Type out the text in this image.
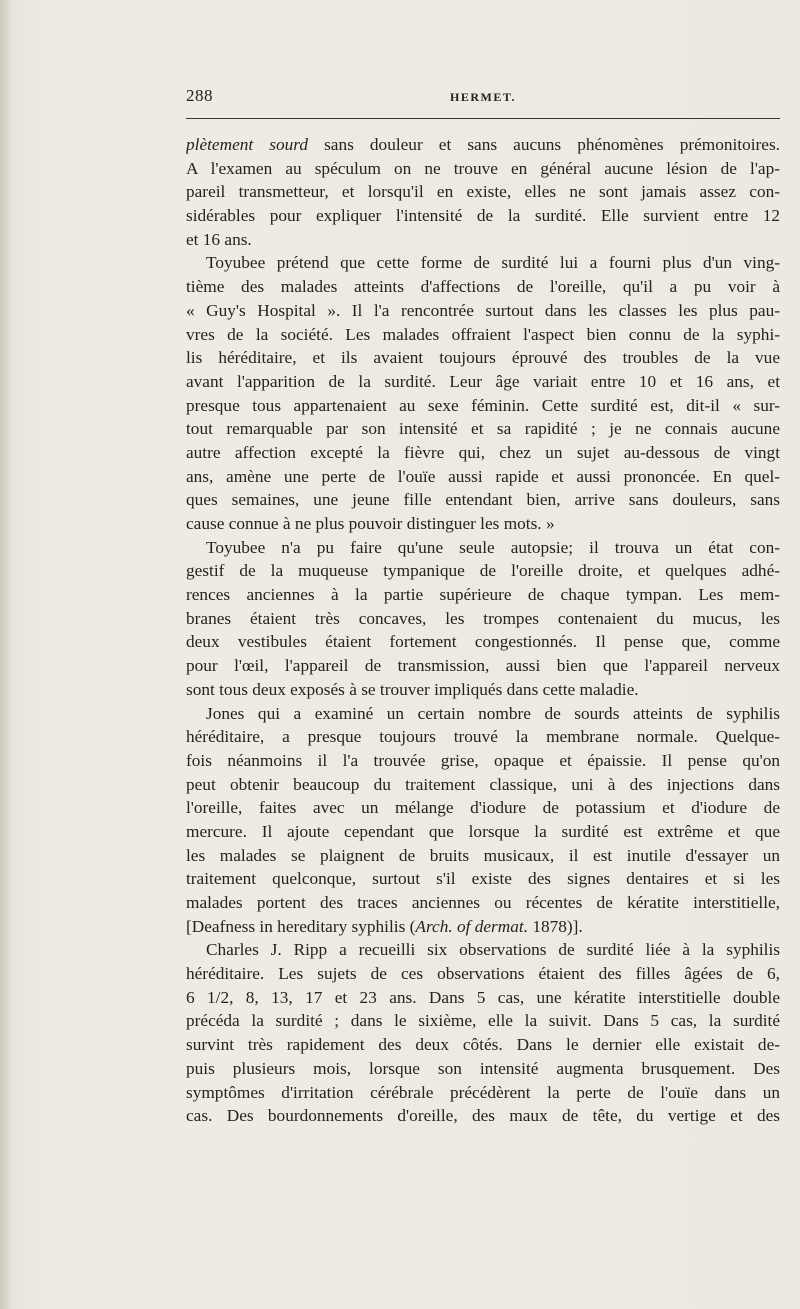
288	HERMET.
plètement sourd sans douleur et sans aucuns phénomènes prémonitoires.
A l'examen au spéculum on ne trouve en général aucune lésion de l'ap-
pareil transmetteur, et lorsqu'il en existe, elles ne sont jamais assez con-
sidérables pour expliquer l'intensité de la surdité. Elle survient entre 12
et 16 ans.
Toyubee prétend que cette forme de surdité lui a fourni plus d'un ving-
tième des malades atteints d'affections de l'oreille, qu'il a pu voir à
« Guy's Hospital ». Il l'a rencontrée surtout dans les classes les plus pau-
vres de la société. Les malades offraient l'aspect bien connu de la syphi-
lis héréditaire, et ils avaient toujours éprouvé des troubles de la vue
avant l'apparition de la surdité. Leur âge variait entre 10 et 16 ans, et
presque tous appartenaient au sexe féminin. Cette surdité est, dit-il « sur-
tout remarquable par son intensité et sa rapidité ; je ne connais aucune
autre affection excepté la fièvre qui, chez un sujet au-dessous de vingt
ans, amène une perte de l'ouïe aussi rapide et aussi prononcée. En quel-
ques semaines, une jeune fille entendant bien, arrive sans douleurs, sans
cause connue à ne plus pouvoir distinguer les mots. »
Toyubee n'a pu faire qu'une seule autopsie; il trouva un état con-
gestif de la muqueuse tympanique de l'oreille droite, et quelques adhé-
rences anciennes à la partie supérieure de chaque tympan. Les mem-
branes étaient très concaves, les trompes contenaient du mucus, les
deux vestibules étaient fortement congestionnés. Il pense que, comme
pour l'œil, l'appareil de transmission, aussi bien que l'appareil nerveux
sont tous deux exposés à se trouver impliqués dans cette maladie.
Jones qui a examiné un certain nombre de sourds atteints de syphilis
héréditaire, a presque toujours trouvé la membrane normale. Quelque-
fois néanmoins il l'a trouvée grise, opaque et épaissie. Il pense qu'on
peut obtenir beaucoup du traitement classique, uni à des injections dans
l'oreille, faites avec un mélange d'iodure de potassium et d'iodure de
mercure. Il ajoute cependant que lorsque la surdité est extrême et que
les malades se plaignent de bruits musicaux, il est inutile d'essayer un
traitement quelconque, surtout s'il existe des signes dentaires et si les
malades portent des traces anciennes ou récentes de kératite interstitielle,
[Deafness in hereditary syphilis (Arch. of dermat. 1878)].
Charles J. Ripp a recueilli six observations de surdité liée à la syphilis
héréditaire. Les sujets de ces observations étaient des filles âgées de 6,
6 1/2, 8, 13, 17 et 23 ans. Dans 5 cas, une kératite interstitielle double
précéda la surdité ; dans le sixième, elle la suivit. Dans 5 cas, la surdité
survint très rapidement des deux côtés. Dans le dernier elle existait de-
puis plusieurs mois, lorsque son intensité augmenta brusquement. Des
symptômes d'irritation cérébrale précédèrent la perte de l'ouïe dans un
cas. Des bourdonnements d'oreille, des maux de tête, du vertige et des
